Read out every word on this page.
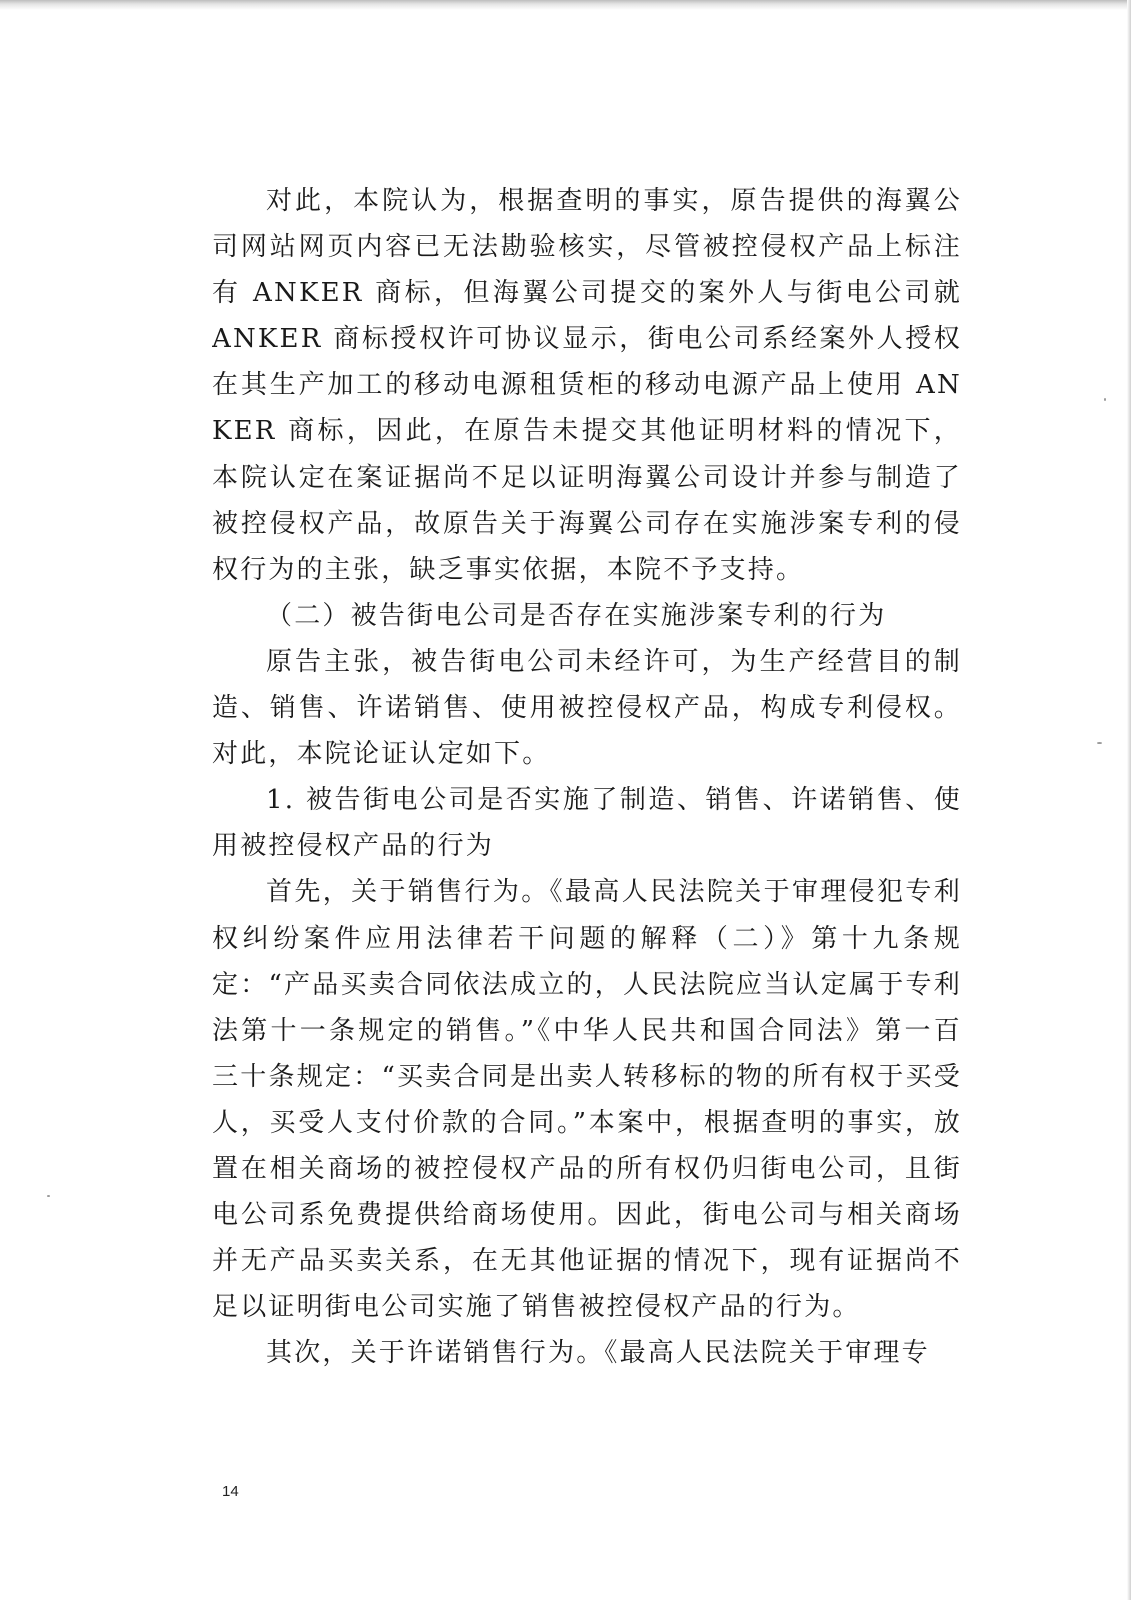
对此，本院认为，根据查明的事实，原告提供的海翼公司网站网页内容已无法勘验核实，尽管被控侵权产品上标注有 ANKER 商标，但海翼公司提交的案外人与街电公司就 ANKER 商标授权许可协议显示，街电公司系经案外人授权在其生产加工的移动电源租赁柜的移动电源产品上使用 ANKER 商标，因此，在原告未提交其他证明材料的情况下，本院认定在案证据尚不足以证明海翼公司设计并参与制造了被控侵权产品，故原告关于海翼公司存在实施涉案专利的侵权行为的主张，缺乏事实依据，本院不予支持。

（二）被告街电公司是否存在实施涉案专利的行为

原告主张，被告街电公司未经许可，为生产经营目的制造、销售、许诺销售、使用被控侵权产品，构成专利侵权。对此，本院论证认定如下。

1. 被告街电公司是否实施了制造、销售、许诺销售、使用被控侵权产品的行为

首先，关于销售行为。《最高人民法院关于审理侵犯专利权纠纷案件应用法律若干问题的解释（二）》第十九条规定：“产品买卖合同依法成立的，人民法院应当认定属于专利法第十一条规定的销售。”《中华人民共和国合同法》第一百三十条规定：“买卖合同是出卖人转移标的物的所有权于买受人，买受人支付价款的合同。”本案中，根据查明的事实，放置在相关商场的被控侵权产品的所有权仍归街电公司，且街电公司系免费提供给商场使用。因此，街电公司与相关商场并无产品买卖关系，在无其他证据的情况下，现有证据尚不足以证明街电公司实施了销售被控侵权产品的行为。

其次，关于许诺销售行为。《最高人民法院关于审理专

14
